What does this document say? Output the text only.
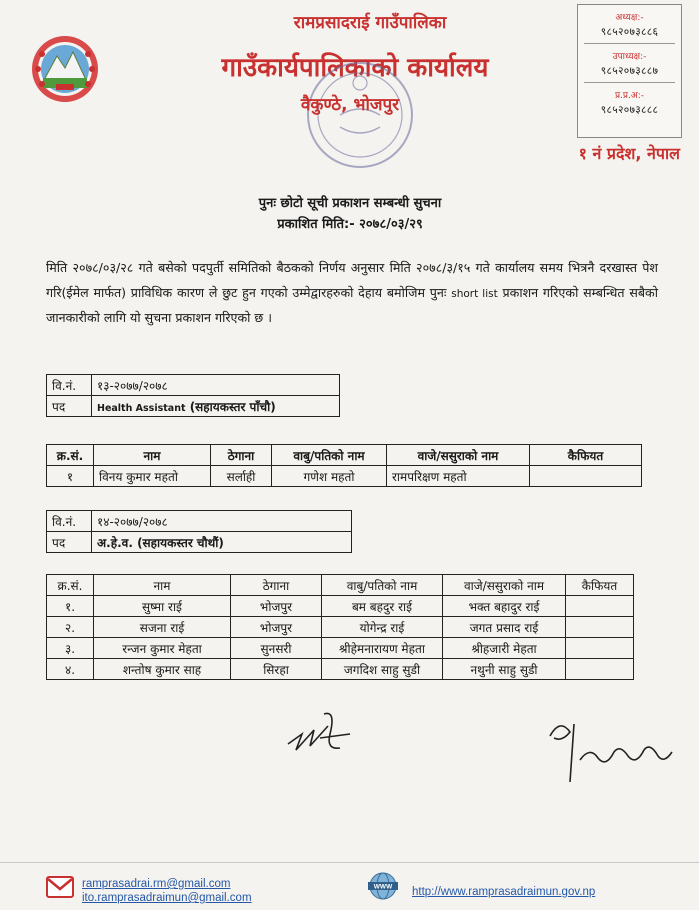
रामप्रसादराई गाउँपालिका
गाउँकार्यपालिकाको कार्यालय
वैकुण्ठे, भोजपुर
अध्यक्ष:-
९८५२०७३८८६
उपाध्यक्ष:-
९८५२०७३८८७
प्र.प्र.अ:-
९८५२०७३८८८
१ नं प्रदेश, नेपाल
पुनः छोटो सूची प्रकाशन सम्बन्धी सुचना
प्रकाशित मिति:- २०७८/०३/२९
मिति २०७८/०३/२८ गते बसेको पदपुर्ती समितिको बैठकको निर्णय अनुसार मिति २०७८/३/१५ गते कार्यालय समय भित्रनै दरखास्त पेश गरि(ईमेल मार्फत) प्राविधिक कारण ले छुट हुन गएको उम्मेद्वारहरुको देहाय बमोजिम पुनः short list प्रकाशन गरिएको सम्बन्धित सबैको जानकारीको लागि यो सुचना प्रकाशन गरिएको छ ।
वि.नं.	१३-२०७७/२०७८
पद	Health Assistant (सहायकस्तर पाँचौ)
क्र.सं.	नाम	ठेगाना	वाबु/पतिको नाम	वाजे/ससुराको नाम	कैफियत
१	विनय कुमार महतो	सर्लाही	गणेश महतो	रामपरिक्षण महतो	
वि.नं.	१४-२०७७/२०७८
पद	अ.हे.व. (सहायकस्तर चौथौं)
क्र.सं.	नाम	ठेगाना	वाबु/पतिको नाम	वाजे/ससुराको नाम	कैफियत
१.	सुष्मा राई	भोजपुर	बम बहदुर राई	भक्त बहादुर राई	
२.	सजना राई	भोजपुर	योगेन्द्र राई	जगत प्रसाद राई	
३.	रन्जन कुमार मेहता	सुनसरी	श्रीहेमनारायण मेहता	श्रीहजारी मेहता	
४.	शन्तोष कुमार साह	सिरहा	जगदिश साहु सुडी	नथुनी साहु सुडी	
ramprasadrai.rm@gmail.com
ito.ramprasadraimun@gmail.com
WWW http://www.ramprasadraimun.gov.np
